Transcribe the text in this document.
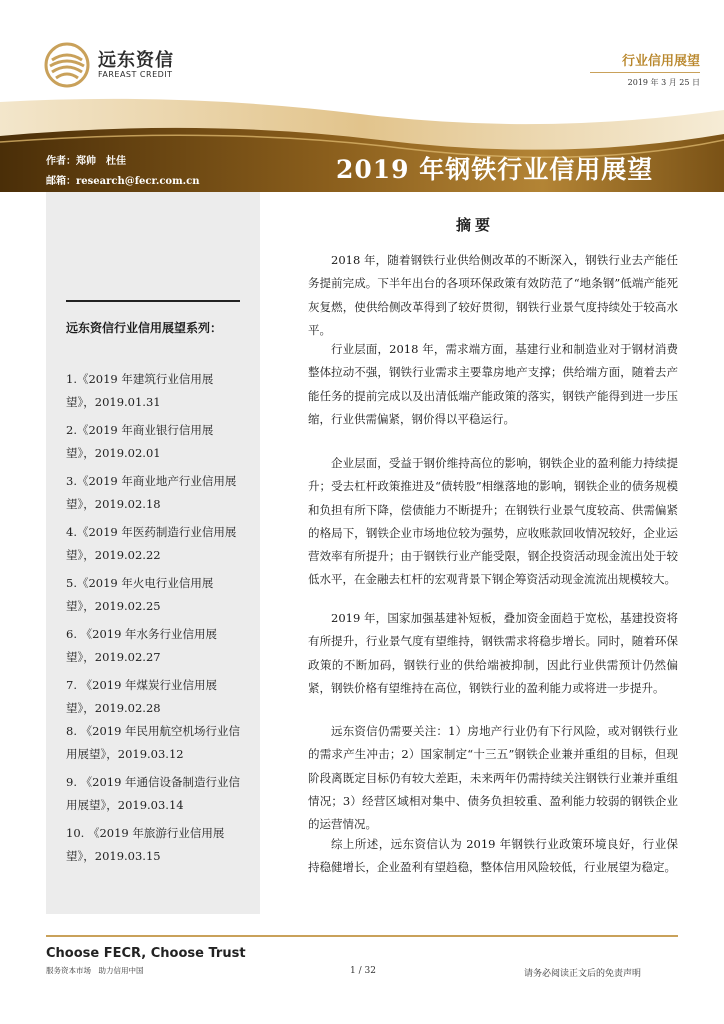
远东资信
FAREAST CREDIT
行业信用展望
2019 年 3 月 25 日
作者：郑帅　杜佳
邮箱：research@fecr.com.cn	2019 年钢铁行业信用展望
远东资信行业信用展望系列：
1.《2019 年建筑行业信用展望》，2019.01.31
2.《2019 年商业银行信用展望》，2019.02.01
3.《2019 年商业地产行业信用展望》，2019.02.18
4.《2019 年医药制造行业信用展望》，2019.02.22
5.《2019 年火电行业信用展望》，2019.02.25
6. 《2019 年水务行业信用展望》，2019.02.27
7. 《2019 年煤炭行业信用展望》，2019.02.28
8. 《2019 年民用航空机场行业信用展望》，2019.03.12
9. 《2019 年通信设备制造行业信用展望》，2019.03.14
10. 《2019 年旅游行业信用展望》，2019.03.15
摘要
2018 年，随着钢铁行业供给侧改革的不断深入，钢铁行业去产能任务提前完成。下半年出台的各项环保政策有效防范了“地条钢”低端产能死灰复燃，使供给侧改革得到了较好贯彻，钢铁行业景气度持续处于较高水平。
行业层面，2018 年，需求端方面，基建行业和制造业对于钢材消费整体拉动不强，钢铁行业需求主要靠房地产支撑；供给端方面，随着去产能任务的提前完成以及出清低端产能政策的落实，钢铁产能得到进一步压缩，行业供需偏紧，钢价得以平稳运行。
企业层面，受益于钢价维持高位的影响，钢铁企业的盈利能力持续提升；受去杠杆政策推进及“债转股”相继落地的影响，钢铁企业的债务规模和负担有所下降，偿债能力不断提升；在钢铁行业景气度较高、供需偏紧的格局下，钢铁企业市场地位较为强势，应收账款回收情况较好，企业运营效率有所提升；由于钢铁行业产能受限，钢企投资活动现金流出处于较低水平，在金融去杠杆的宏观背景下钢企筹资活动现金流流出规模较大。
2019 年，国家加强基建补短板，叠加资金面趋于宽松，基建投资将有所提升，行业景气度有望维持，钢铁需求将稳步增长。同时，随着环保政策的不断加码，钢铁行业的供给端被抑制，因此行业供需预计仍然偏紧，钢铁价格有望维持在高位，钢铁行业的盈利能力或将进一步提升。
远东资信仍需要关注：1）房地产行业仍有下行风险，或对钢铁行业的需求产生冲击；2）国家制定“十三五”钢铁企业兼并重组的目标，但现阶段离既定目标仍有较大差距，未来两年仍需持续关注钢铁行业兼并重组情况；3）经营区域相对集中、债务负担较重、盈利能力较弱的钢铁企业的运营情况。
综上所述，远东资信认为 2019 年钢铁行业政策环境良好，行业保持稳健增长，企业盈利有望趋稳，整体信用风险较低，行业展望为稳定。
Choose FECR, Choose Trust
服务资本市场　助力信用中国	1 / 32	请务必阅读正文后的免责声明
